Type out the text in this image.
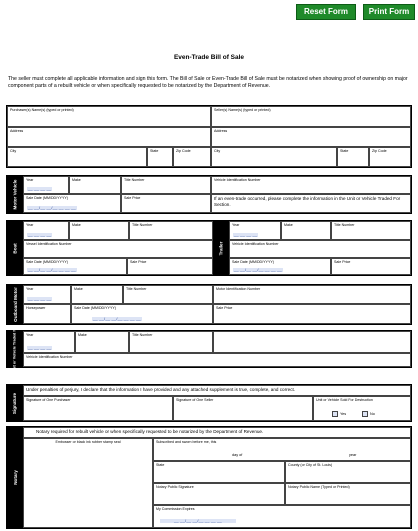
Reset Form	Print Form
Even-Trade Bill of Sale
The seller must complete all applicable information and sign this form. The Bill of Sale or Even-Trade Bill of Sale must be notarized when showing proof of ownership on major component parts of a rebuilt vehicle or when specifically requested to be notarized by the Department of Revenue.
Purchaser(s) Name(s) (typed or printed)	Seller(s) Name(s) (typed or printed)
Address	Address
City	State	Zip Code	City	State	Zip Code
Motor Vehicle	Year
__ __ __ __
Make	Title Number	Vehicle Identification Number
Sale Date (MM/DD/YYYY)
__ __/__ __/__ __ __ __
Sale Price	If an even-trade occurred, please complete the information in the Unit or Vehicle Traded For Section.
Boat
Year
__ __ __ __
Make	Title Number
Vessel Identification Number
Sale Date (MM/DD/YYYY)
__ __/__ __/__ __ __ __
Sale Price
Trailer
Year
__ __ __ __
Make	Title Number
Vehicle Identification Number
Sale Date (MM/DD/YYYY)
__ __/__ __/__ __ __ __
Sale Price
Outboard Motor	Year
__ __ __ __
Make	Title Number	Motor Identification Number
Horsepower	Sale Date (MM/DD/YYYY)
__ __/__ __/__ __ __ __
Sale Price
Unit or Vehicle Traded for	Year
__ __ __ __
Make	Title Number
Vehicle Identification Number
Signature
Under penalties of perjury, I declare that the information I have provided and any attached supplement is true, complete, and correct.
Signature of One Purchaser	Signature of One Seller	Unit or Vehicle Sold For Destruction
Yes	No
Notary
Notary required for rebuilt vehicle or when specifically requested to be notarized by the Department of Revenue.
Embosser or black ink rubber stamp seal	Subscribed and sworn before me, this
day of	year
State	County (or City of St. Louis)
Notary Public Signature	Notary Public Name (Typed or Printed)
My Commission Expires
__ __/__ __/__ __ __ __
